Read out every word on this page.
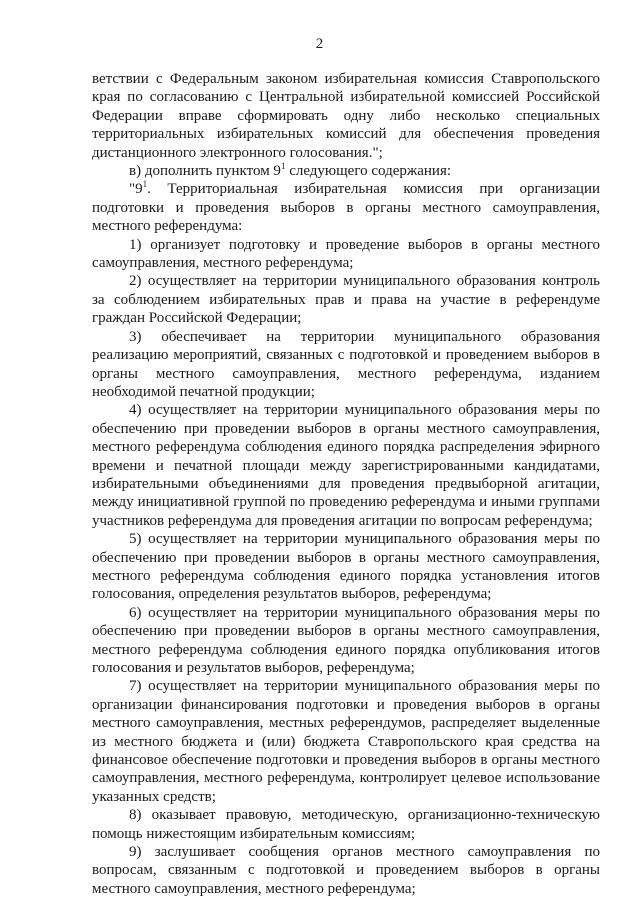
2

ветствии с Федеральным законом избирательная комиссия Ставропольского края по согласованию с Центральной избирательной комиссией Российской Федерации вправе сформировать одну либо несколько специальных территориальных избирательных комиссий для обеспечения проведения дистанционного электронного голосования.";

в) дополнить пунктом $9^1$ следующего содержания:

"$9^1$. Территориальная избирательная комиссия при организации подготовки и проведения выборов в органы местного самоуправления, местного референдума:

1) организует подготовку и проведение выборов в органы местного самоуправления, местного референдума;

2) осуществляет на территории муниципального образования контроль за соблюдением избирательных прав и права на участие в референдуме граждан Российской Федерации;

3) обеспечивает на территории муниципального образования реализацию мероприятий, связанных с подготовкой и проведением выборов в органы местного самоуправления, местного референдума, изданием необходимой печатной продукции;

4) осуществляет на территории муниципального образования меры по обеспечению при проведении выборов в органы местного самоуправления, местного референдума соблюдения единого порядка распределения эфирного времени и печатной площади между зарегистрированными кандидатами, избирательными объединениями для проведения предвыборной агитации, между инициативной группой по проведению референдума и иными группами участников референдума для проведения агитации по вопросам референдума;

5) осуществляет на территории муниципального образования меры по обеспечению при проведении выборов в органы местного самоуправления, местного референдума соблюдения единого порядка установления итогов голосования, определения результатов выборов, референдума;

6) осуществляет на территории муниципального образования меры по обеспечению при проведении выборов в органы местного самоуправления, местного референдума соблюдения единого порядка опубликования итогов голосования и результатов выборов, референдума;

7) осуществляет на территории муниципального образования меры по организации финансирования подготовки и проведения выборов в органы местного самоуправления, местных референдумов, распределяет выделенные из местного бюджета и (или) бюджета Ставропольского края средства на финансовое обеспечение подготовки и проведения выборов в органы местного самоуправления, местного референдума, контролирует целевое использование указанных средств;

8) оказывает правовую, методическую, организационно-техническую помощь нижестоящим избирательным комиссиям;

9) заслушивает сообщения органов местного самоуправления по вопросам, связанным с подготовкой и проведением выборов в органы местного самоуправления, местного референдума;
